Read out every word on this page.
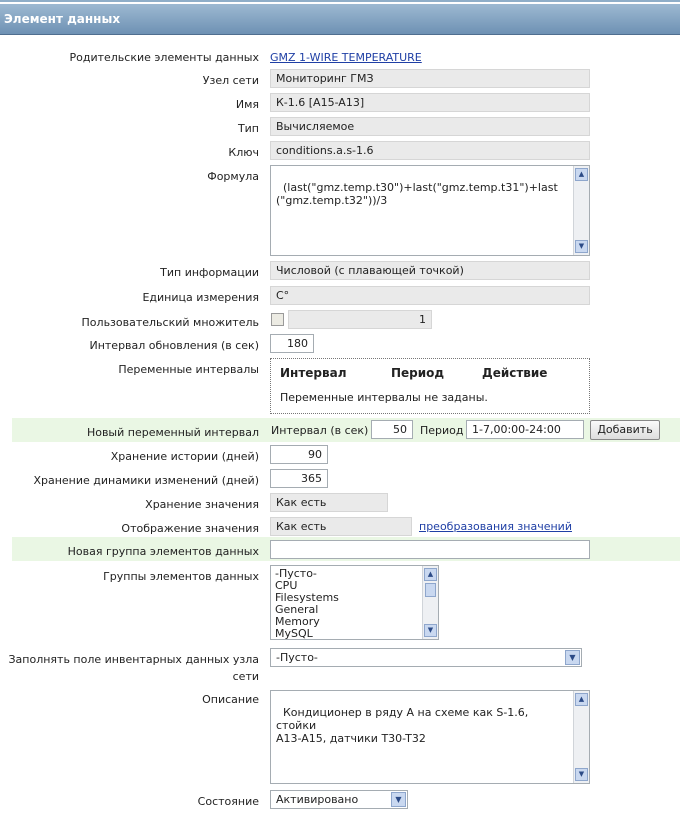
Элемент данных
Родительские элементы данных GMZ 1-WIRE TEMPERATURE
Узел сети	Мониторинг ГМЗ
Имя	К-1.6 [A15-A13]
Тип	Вычисляемое
Ключ	conditions.a.s-1.6
Формула

(last("gmz.temp.t30")+last("gmz.temp.t31")+last
("gmz.temp.t32"))/3

▲

▼

Тип информации	Числовой (с плавающей точкой)
Единица измерения	C°
Пользовательский множитель	1
Интервал обновления (в сек)	180
Переменные интервалы Интервал	Период	Действие
Переменные интервалы не заданы.
Новый переменный интервал Интервал (в сек)	50	Период 1-7,00:00-24:00	Добавить
Хранение истории (дней)	90
Хранение динамики изменений (дней)	365
Хранение значения	Как есть
Отображение значения	Как есть	преобразования значений
Новая группа элементов данных
Группы элементов данных -Пусто-
CPU
Filesystems
General
Memory
MySQL
▲
▼
Заполнять поле инвентарных данных узла
сети
-Пусто-	▼
Описание

Кондиционер в ряду А на схеме как S-1.6, стойки
A13-A15, датчики T30-T32

▲

▼

Состояние	Активировано	▼
